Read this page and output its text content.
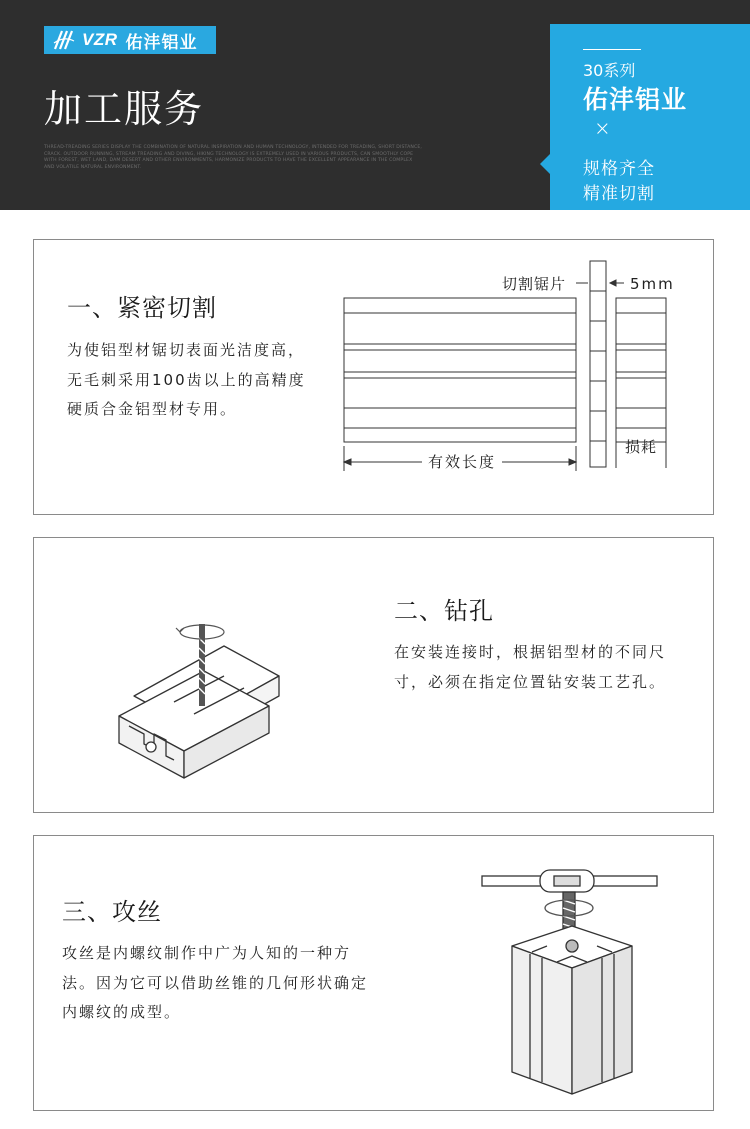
VZR 佑沣铝业
加工服务
THREAD-TREADING SERIES DISPLAY THE COMBINATION OF NATURAL INSPIRATION AND HUMAN TECHNOLOGY, INTENDED FOR TREADING, SHORT DISTANCE, CRACK. OUTDOOR RUNNING, STREAM TREADING AND DIVING, HIKING TECHNOLOGY IS EXTREMELY USED IN VARIOUS PRODUCTS, CAN SMOOTHLY COPE WITH FOREST, WET LAND, DAM DESERT AND OTHER ENVIRONMENTS, HARMONIZE PRODUCTS TO HAVE THE EXCELLENT APPEARANCE IN THE COMPLEX AND VOLATILE NATURAL ENVIRONMENT.
30系列
佑沣铝业
×
规格齐全
精准切割
一、紧密切割
为使铝型材锯切表面光洁度高，无毛刺采用100齿以上的高精度硬质合金铝型材专用。
切割锯片	5mm
有效长度
损耗
二、钻孔
在安装连接时，根据铝型材的不同尺寸，必须在指定位置钻安装工艺孔。
三、攻丝
攻丝是内螺纹制作中广为人知的一种方法。因为它可以借助丝锥的几何形状确定内螺纹的成型。
